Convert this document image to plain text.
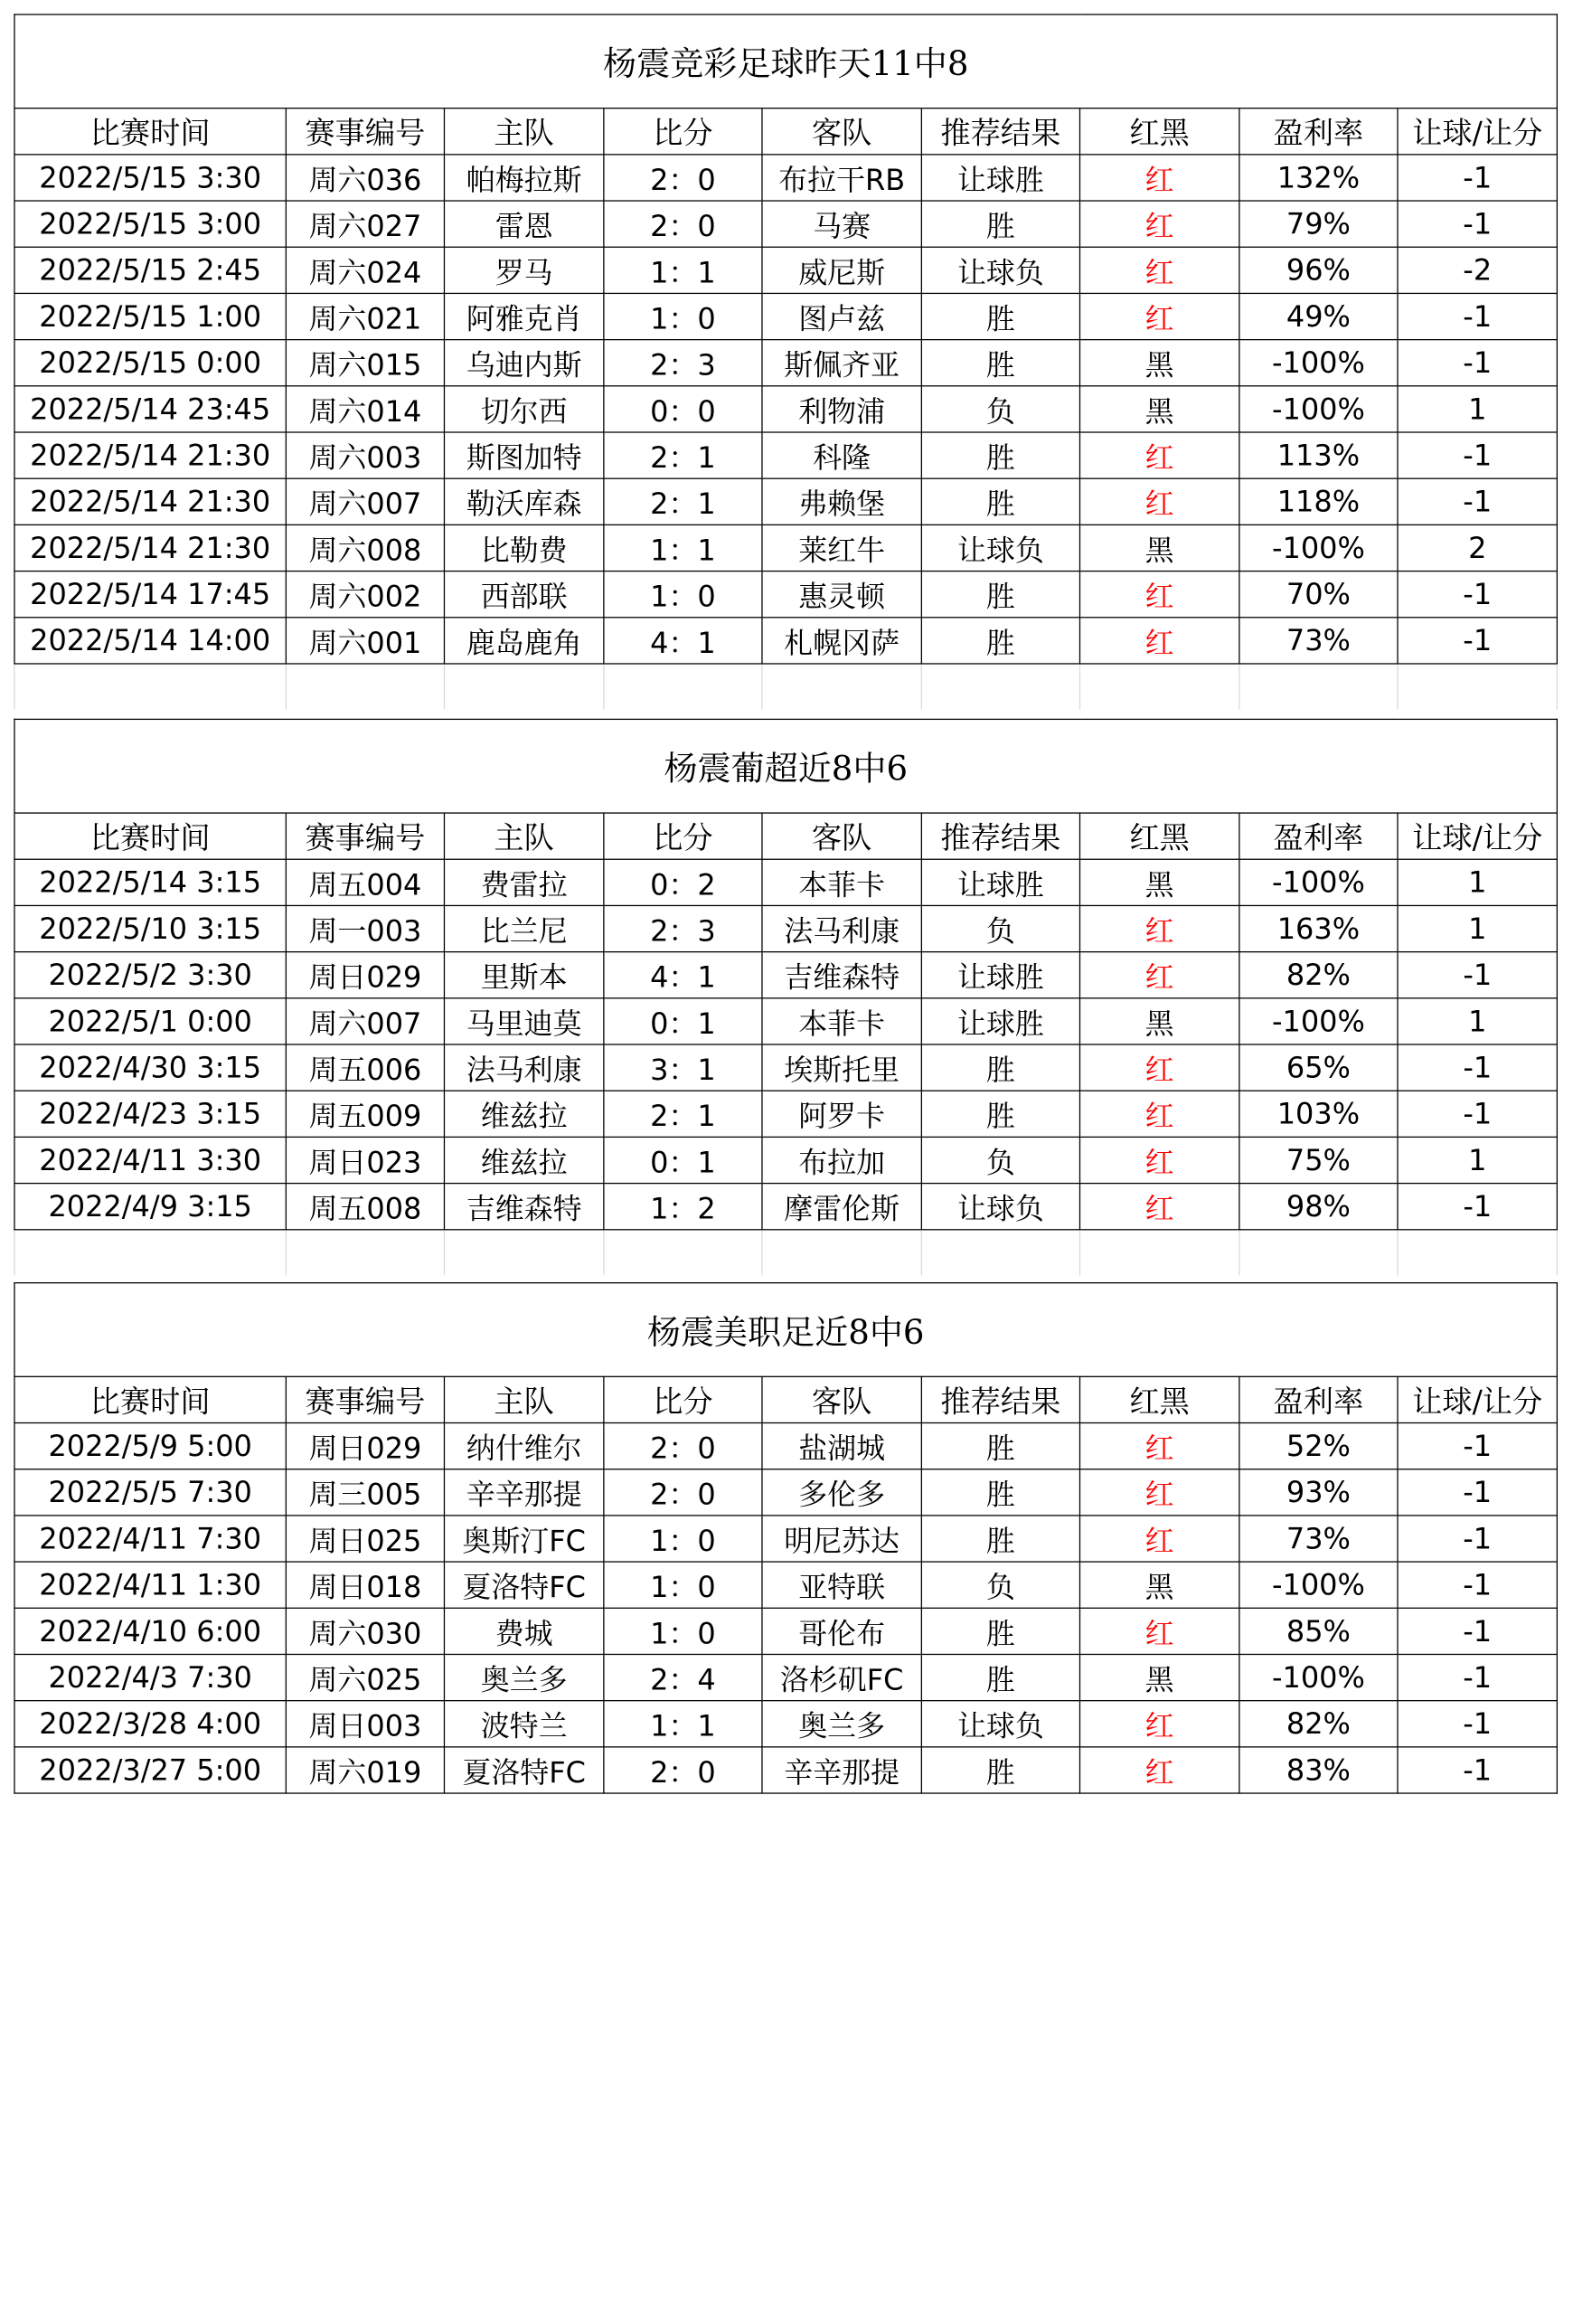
杨震竞彩足球昨天11中8								
比赛时间	赛事编号	主队	比分	客队	推荐结果	红黑	盈利率	让球/让分
2022/5/15 3:30	周六036	帕梅拉斯	2：0	布拉干RB	让球胜	红	132%	-1
2022/5/15 3:00	周六027	雷恩	2：0	马赛	胜	红	79%	-1
2022/5/15 2:45	周六024	罗马	1：1	威尼斯	让球负	红	96%	-2
2022/5/15 1:00	周六021	阿雅克肖	1：0	图卢兹	胜	红	49%	-1
2022/5/15 0:00	周六015	乌迪内斯	2：3	斯佩齐亚	胜	黑	-100%	-1
2022/5/14 23:45	周六014	切尔西	0：0	利物浦	负	黑	-100%	1
2022/5/14 21:30	周六003	斯图加特	2：1	科隆	胜	红	113%	-1
2022/5/14 21:30	周六007	勒沃库森	2：1	弗赖堡	胜	红	118%	-1
2022/5/14 21:30	周六008	比勒费	1：1	莱红牛	让球负	黑	-100%	2
2022/5/14 17:45	周六002	西部联	1：0	惠灵顿	胜	红	70%	-1
2022/5/14 14:00	周六001	鹿岛鹿角	4：1	札幌冈萨	胜	红	73%	-1

杨震葡超近8中6								
比赛时间	赛事编号	主队	比分	客队	推荐结果	红黑	盈利率	让球/让分
2022/5/14 3:15	周五004	费雷拉	0：2	本菲卡	让球胜	黑	-100%	1
2022/5/10 3:15	周一003	比兰尼	2：3	法马利康	负	红	163%	1
2022/5/2 3:30	周日029	里斯本	4：1	吉维森特	让球胜	红	82%	-1
2022/5/1 0:00	周六007	马里迪莫	0：1	本菲卡	让球胜	黑	-100%	1
2022/4/30 3:15	周五006	法马利康	3：1	埃斯托里	胜	红	65%	-1
2022/4/23 3:15	周五009	维兹拉	2：1	阿罗卡	胜	红	103%	-1
2022/4/11 3:30	周日023	维兹拉	0：1	布拉加	负	红	75%	1
2022/4/9 3:15	周五008	吉维森特	1：2	摩雷伦斯	让球负	红	98%	-1

杨震美职足近8中6								
比赛时间	赛事编号	主队	比分	客队	推荐结果	红黑	盈利率	让球/让分
2022/5/9 5:00	周日029	纳什维尔	2：0	盐湖城	胜	红	52%	-1
2022/5/5 7:30	周三005	辛辛那提	2：0	多伦多	胜	红	93%	-1
2022/4/11 7:30	周日025	奥斯汀FC	1：0	明尼苏达	胜	红	73%	-1
2022/4/11 1:30	周日018	夏洛特FC	1：0	亚特联	负	黑	-100%	-1
2022/4/10 6:00	周六030	费城	1：0	哥伦布	胜	红	85%	-1
2022/4/3 7:30	周六025	奥兰多	2：4	洛杉矶FC	胜	黑	-100%	-1
2022/3/28 4:00	周日003	波特兰	1：1	奥兰多	让球负	红	82%	-1
2022/3/27 5:00	周六019	夏洛特FC	2：0	辛辛那提	胜	红	83%	-1
